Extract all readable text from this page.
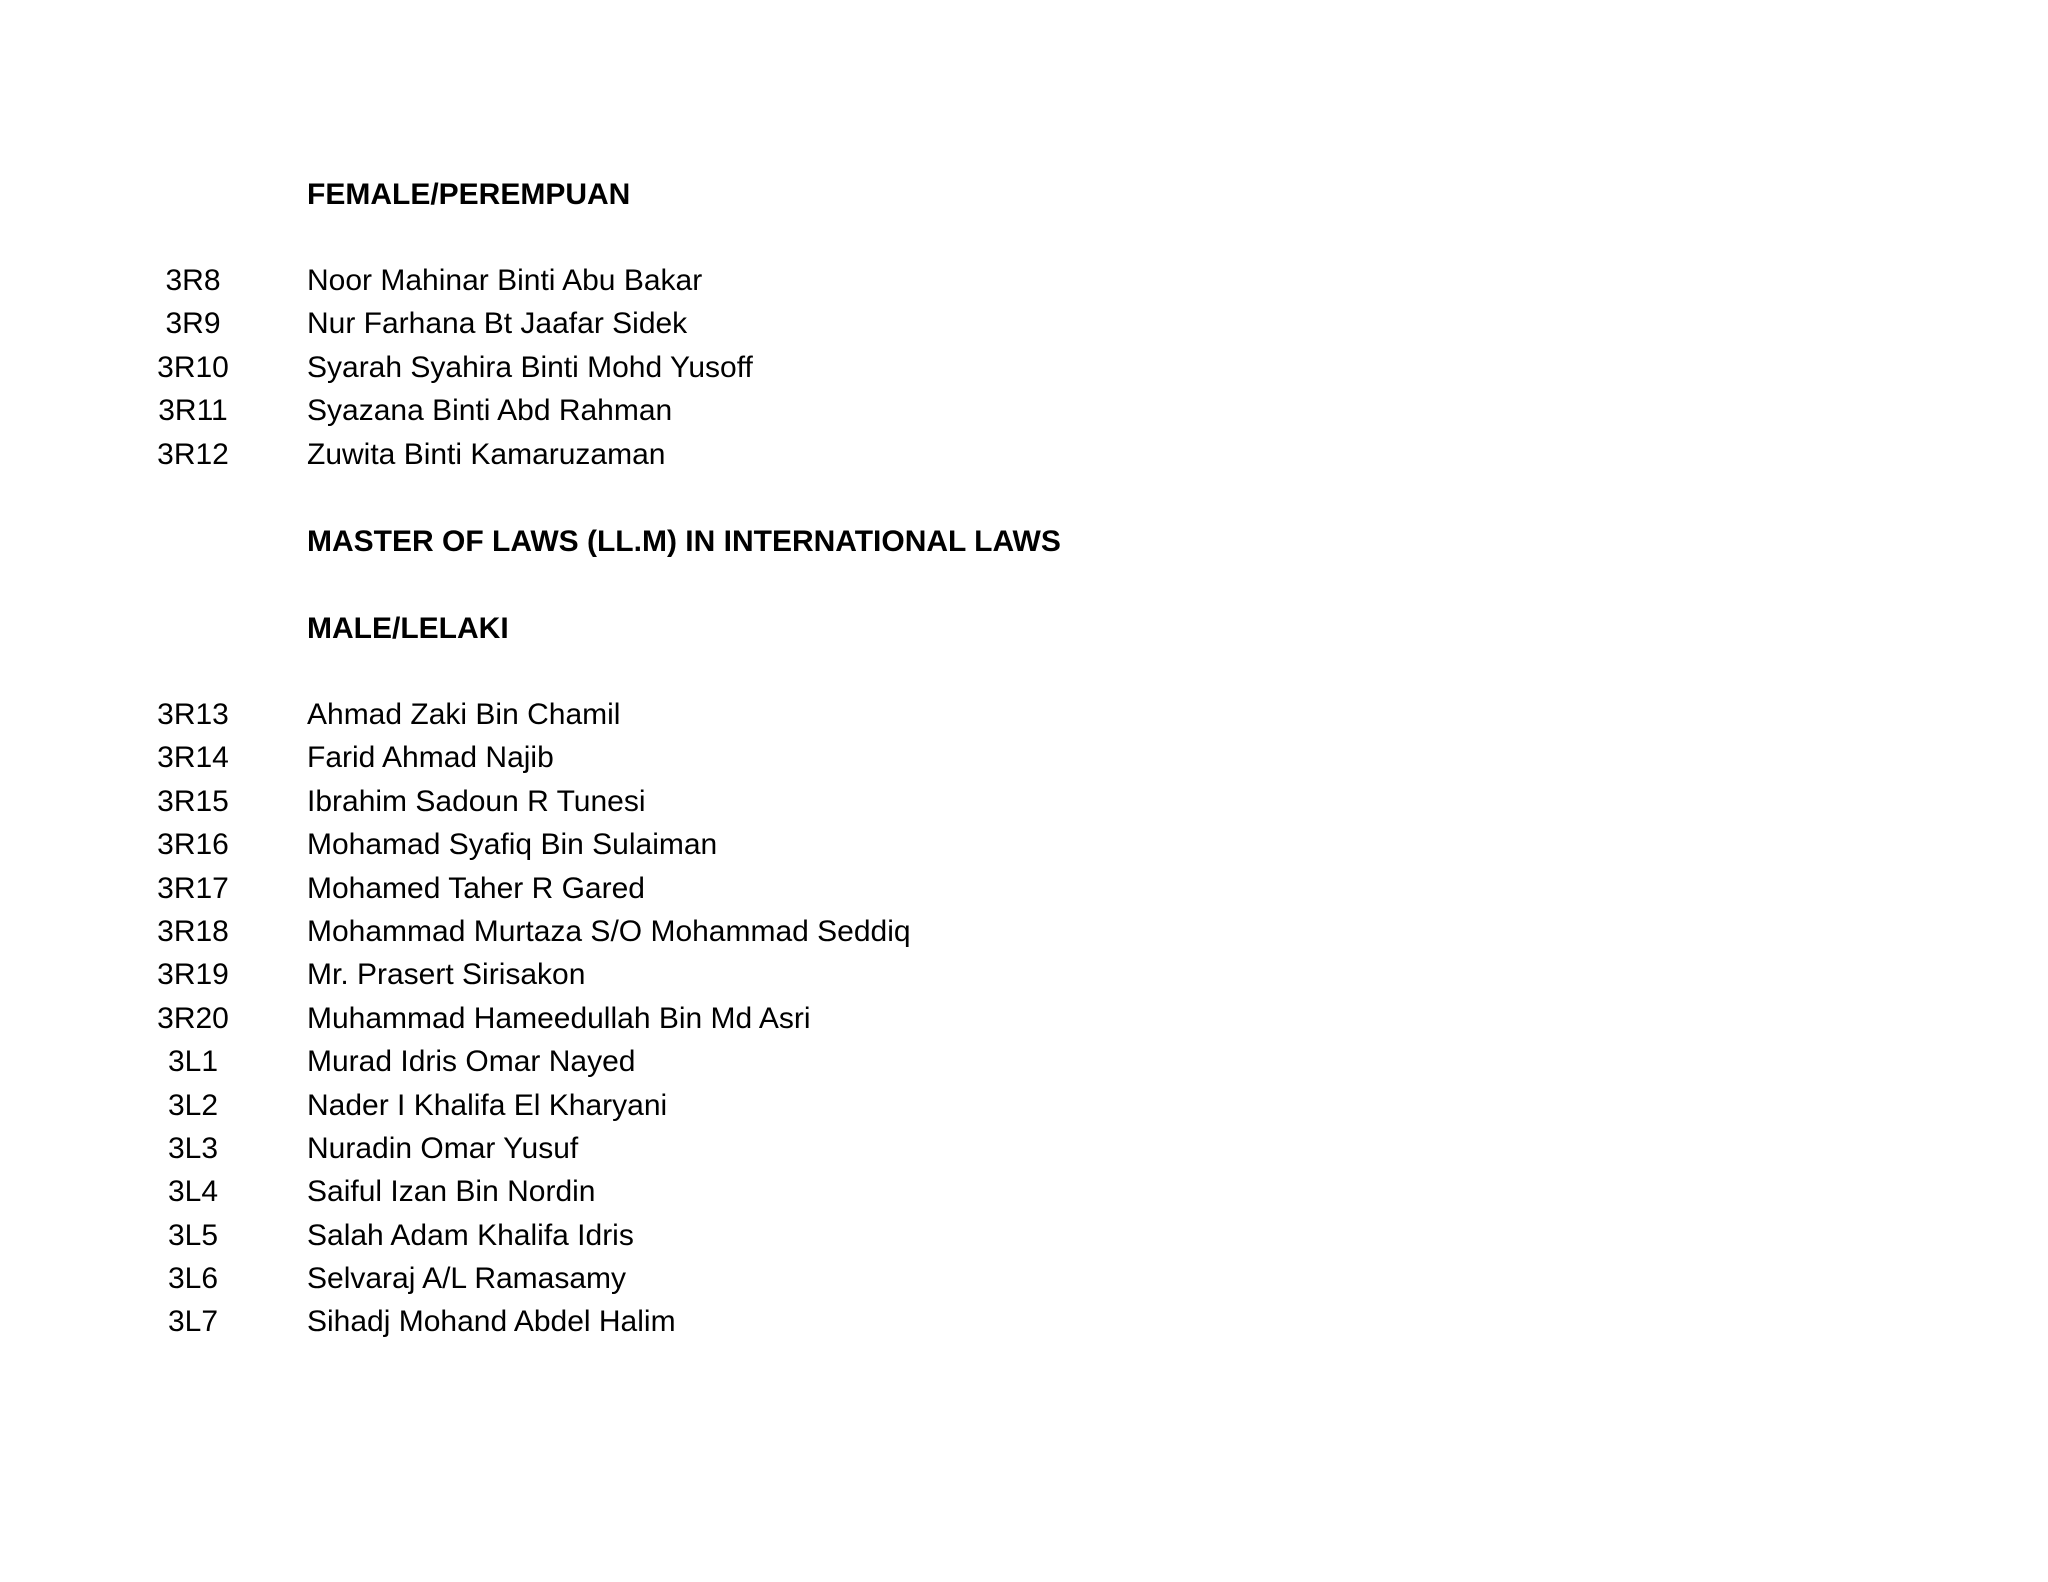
FEMALE/PEREMPUAN
3R8	Noor Mahinar Binti Abu Bakar
3R9	Nur Farhana Bt Jaafar Sidek
3R10	Syarah Syahira Binti Mohd Yusoff
3R11	Syazana Binti Abd Rahman
3R12	Zuwita Binti Kamaruzaman
MASTER OF LAWS (LL.M) IN INTERNATIONAL LAWS
MALE/LELAKI
3R13	Ahmad Zaki Bin Chamil
3R14	Farid Ahmad Najib
3R15	Ibrahim Sadoun R Tunesi
3R16	Mohamad Syafiq Bin Sulaiman
3R17	Mohamed Taher R Gared
3R18	Mohammad Murtaza S/O Mohammad Seddiq
3R19	Mr. Prasert Sirisakon
3R20	Muhammad Hameedullah Bin Md Asri
3L1	Murad Idris Omar Nayed
3L2	Nader I Khalifa El Kharyani
3L3	Nuradin Omar Yusuf
3L4	Saiful Izan Bin Nordin
3L5	Salah Adam Khalifa Idris
3L6	Selvaraj A/L Ramasamy
3L7	Sihadj Mohand Abdel Halim
